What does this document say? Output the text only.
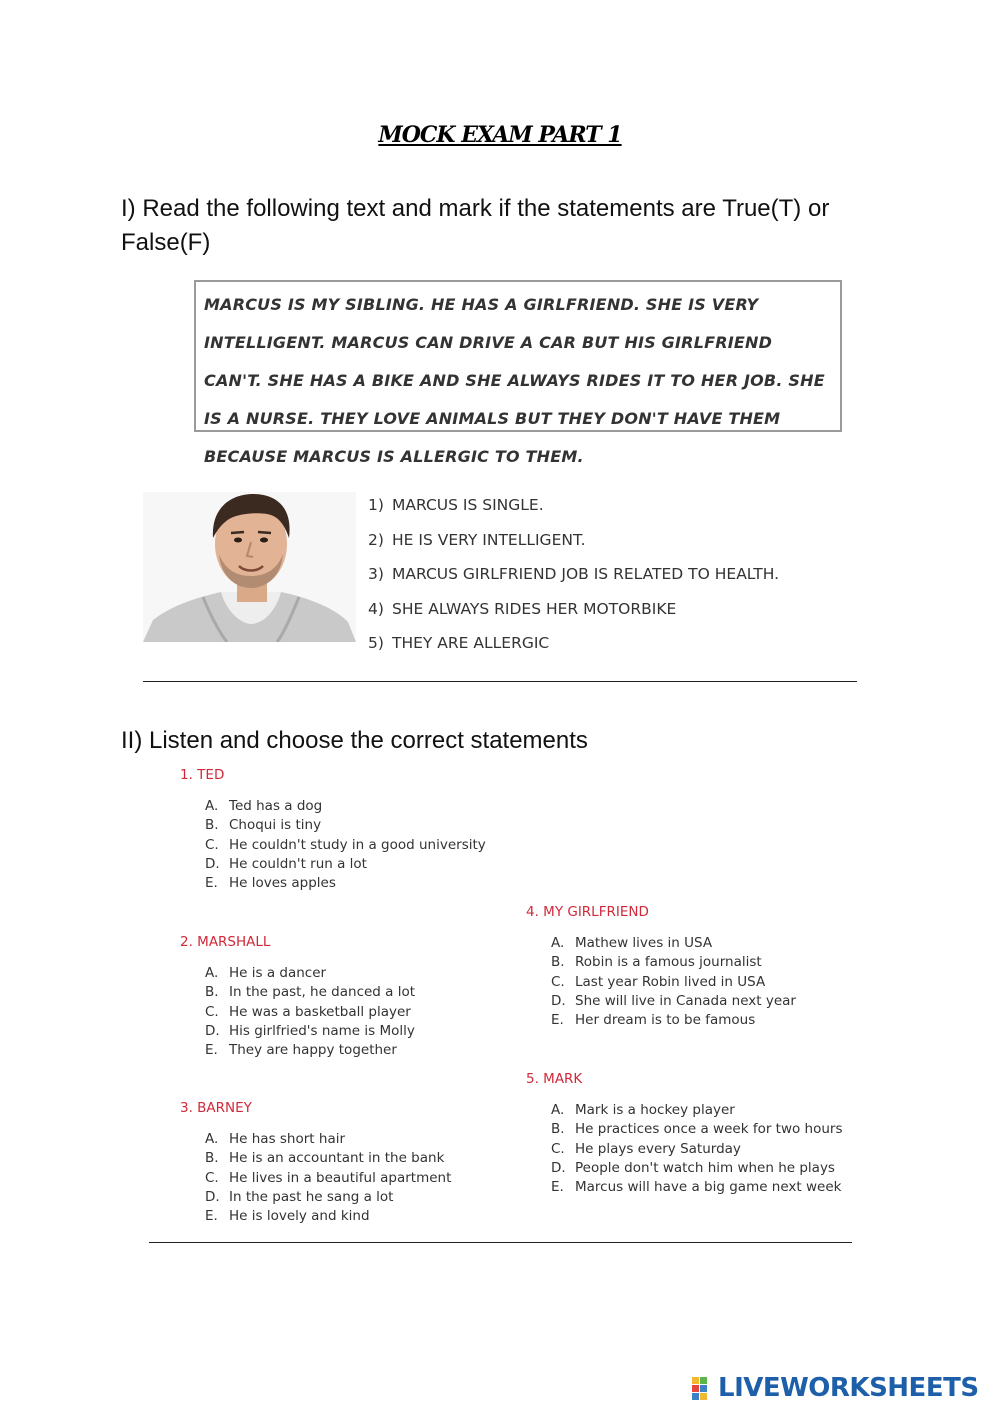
MOCK EXAM PART 1
I) Read the following text and mark if the statements are True(T) or False(F)
MARCUS IS MY SIBLING. HE HAS A GIRLFRIEND. SHE IS VERY INTELLIGENT. MARCUS CAN DRIVE A CAR BUT HIS GIRLFRIEND CAN'T. SHE HAS A BIKE AND SHE ALWAYS RIDES IT TO HER JOB. SHE IS A NURSE. THEY LOVE ANIMALS BUT THEY DON'T HAVE THEM BECAUSE MARCUS IS ALLERGIC TO THEM.
1) MARCUS IS SINGLE.
2) HE IS VERY INTELLIGENT.
3) MARCUS GIRLFRIEND JOB IS RELATED TO HEALTH.
4) SHE ALWAYS RIDES HER MOTORBIKE
5) THEY ARE ALLERGIC
II) Listen and choose the correct statements
1. TED
A. Ted has a dog
B. Choqui is tiny
C. He couldn't study in a good university
D. He couldn't run a lot
E. He loves apples
2. MARSHALL
A. He is a dancer
B. In the past, he danced a lot
C. He was a basketball player
D. His girlfried's name is Molly
E. They are happy together
3. BARNEY
A. He has short hair
B. He is an accountant in the bank
C. He lives in a beautiful apartment
D. In the past he sang a lot
E. He is lovely and kind
4. MY GIRLFRIEND
A. Mathew lives in USA
B. Robin is a famous journalist
C. Last year Robin lived in USA
D. She will live in Canada next year
E. Her dream is to be famous
5. MARK
A. Mark is a hockey player
B. He practices once a week for two hours
C. He plays every Saturday
D. People don't watch him when he plays
E. Marcus will have a big game next week
LIVEWORKSHEETS
